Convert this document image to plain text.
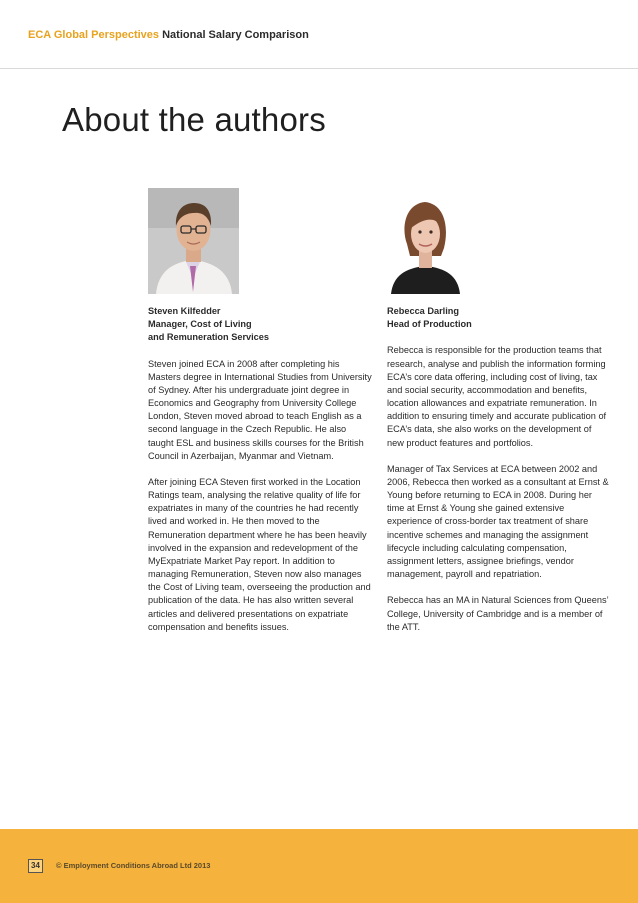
ECA Global Perspectives National Salary Comparison
About the authors
Steven Kilfedder
Manager, Cost of Living
and Remuneration Services

Steven joined ECA in 2008 after completing his Masters degree in International Studies from University of Sydney. After his undergraduate joint degree in Economics and Geography from University College London, Steven moved abroad to teach English as a second language in the Czech Republic. He also taught ESL and business skills courses for the British Council in Azerbaijan, Myanmar and Vietnam.

After joining ECA Steven first worked in the Location Ratings team, analysing the relative quality of life for expatriates in many of the countries he had recently lived and worked in. He then moved to the Remuneration department where he has been heavily involved in the expansion and redevelopment of the MyExpatriate Market Pay report. In addition to managing Remuneration, Steven now also manages the Cost of Living team, overseeing the production and publication of the data. He has also written several articles and delivered presentations on expatriate compensation and benefits issues.

Rebecca Darling
Head of Production

Rebecca is responsible for the production teams that research, analyse and publish the information forming ECA’s core data offering, including cost of living, tax and social security, accommodation and benefits, location allowances and expatriate remuneration. In addition to ensuring timely and accurate publication of ECA’s data, she also works on the development of new product features and portfolios.

Manager of Tax Services at ECA between 2002 and 2006, Rebecca then worked as a consultant at Ernst & Young before returning to ECA in 2008. During her time at Ernst & Young she gained extensive experience of cross-border tax treatment of share incentive schemes and managing the assignment lifecycle including calculating compensation, assignment letters, assignee briefings, vendor management, payroll and repatriation.

Rebecca has an MA in Natural Sciences from Queens’ College, University of Cambridge and is a member of the ATT.

34	© Employment Conditions Abroad Ltd 2013
